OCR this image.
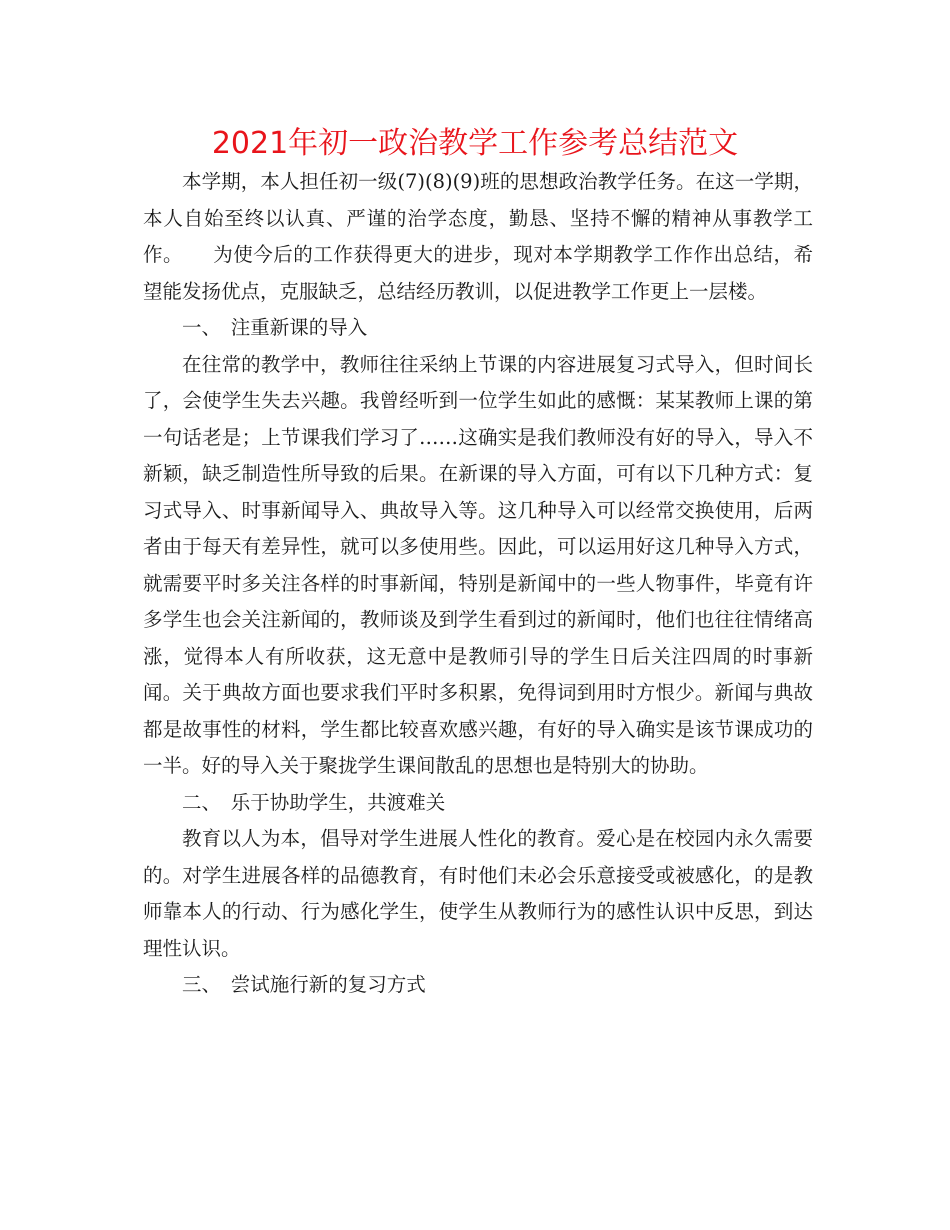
2021年初一政治教学工作参考总结范文

本学期，本人担任初一级(7)(8)(9)班的思想政治教学任务。在这一学期，本人自始至终以认真、严谨的治学态度，勤恳、坚持不懈的精神从事教学工作。　　为使今后的工作获得更大的进步，现对本学期教学工作作出总结，希望能发扬优点，克服缺乏，总结经历教训，以促进教学工作更上一层楼。

一、　注重新课的导入

在往常的教学中，教师往往采纳上节课的内容进展复习式导入，但时间长了，会使学生失去兴趣。我曾经听到一位学生如此的感慨：某某教师上课的第一句话老是；上节课我们学习了……这确实是我们教师没有好的导入，导入不新颖，缺乏制造性所导致的后果。在新课的导入方面，可有以下几种方式：复习式导入、时事新闻导入、典故导入等。这几种导入可以经常交换使用，后两者由于每天有差异性，就可以多使用些。因此，可以运用好这几种导入方式，就需要平时多关注各样的时事新闻，特别是新闻中的一些人物事件，毕竟有许多学生也会关注新闻的，教师谈及到学生看到过的新闻时，他们也往往情绪高涨，觉得本人有所收获，这无意中是教师引导的学生日后关注四周的时事新闻。关于典故方面也要求我们平时多积累，免得词到用时方恨少。新闻与典故都是故事性的材料，学生都比较喜欢感兴趣，有好的导入确实是该节课成功的一半。好的导入关于聚拢学生课间散乱的思想也是特别大的协助。

二、　乐于协助学生，共渡难关

教育以人为本，倡导对学生进展人性化的教育。爱心是在校园内永久需要的。对学生进展各样的品德教育，有时他们未必会乐意接受或被感化，的是教师靠本人的行动、行为感化学生，使学生从教师行为的感性认识中反思，到达理性认识。

三、　尝试施行新的复习方式
